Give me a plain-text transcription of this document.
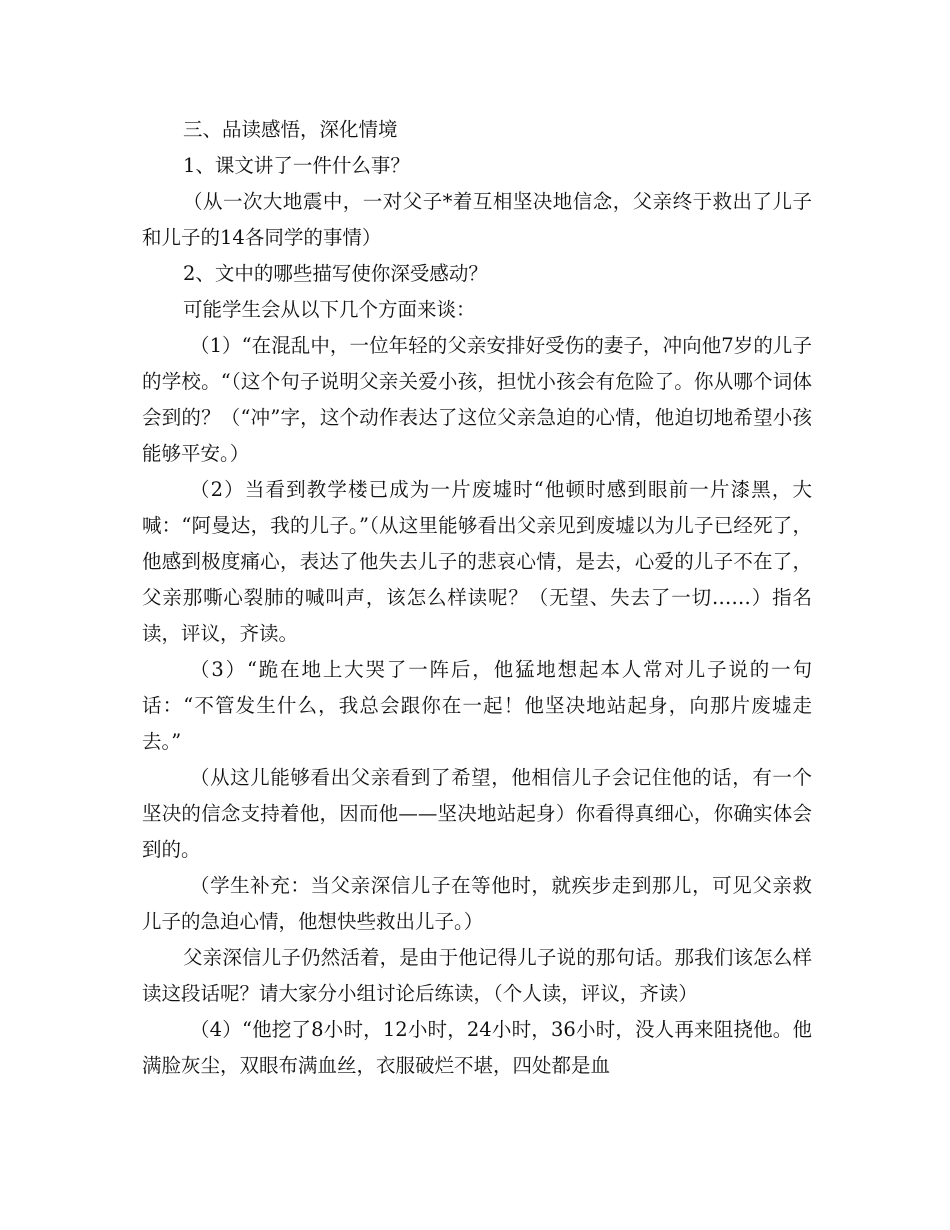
三、品读感悟，深化情境

1、课文讲了一件什么事？

（从一次大地震中，一对父子*着互相坚决地信念，父亲终于救出了儿子和儿子的14各同学的事情）

2、文中的哪些描写使你深受感动？

可能学生会从以下几个方面来谈：

（1）“在混乱中，一位年轻的父亲安排好受伤的妻子，冲向他7岁的儿子的学校。“（这个句子说明父亲关爱小孩，担忧小孩会有危险了。你从哪个词体会到的？（“冲”字，这个动作表达了这位父亲急迫的心情，他迫切地希望小孩能够平安。）

（2）当看到教学楼已成为一片废墟时“他顿时感到眼前一片漆黑，大喊：“阿曼达，我的儿子。”（从这里能够看出父亲见到废墟以为儿子已经死了，他感到极度痛心，表达了他失去儿子的悲哀心情，是去，心爱的儿子不在了，父亲那嘶心裂肺的喊叫声，该怎么样读呢？（无望、失去了一切……）指名读，评议，齐读。

（3）“跪在地上大哭了一阵后，他猛地想起本人常对儿子说的一句话：“不管发生什么，我总会跟你在一起！他坚决地站起身，向那片废墟走去。”

（从这儿能够看出父亲看到了希望，他相信儿子会记住他的话，有一个坚决的信念支持着他，因而他——坚决地站起身）你看得真细心，你确实体会到的。

（学生补充：当父亲深信儿子在等他时，就疾步走到那儿，可见父亲救儿子的急迫心情，他想快些救出儿子。）

父亲深信儿子仍然活着，是由于他记得儿子说的那句话。那我们该怎么样读这段话呢？请大家分小组讨论后练读，（个人读，评议，齐读）

（4）“他挖了8小时，12小时，24小时，36小时，没人再来阻挠他。他满脸灰尘，双眼布满血丝，衣服破烂不堪，四处都是血
